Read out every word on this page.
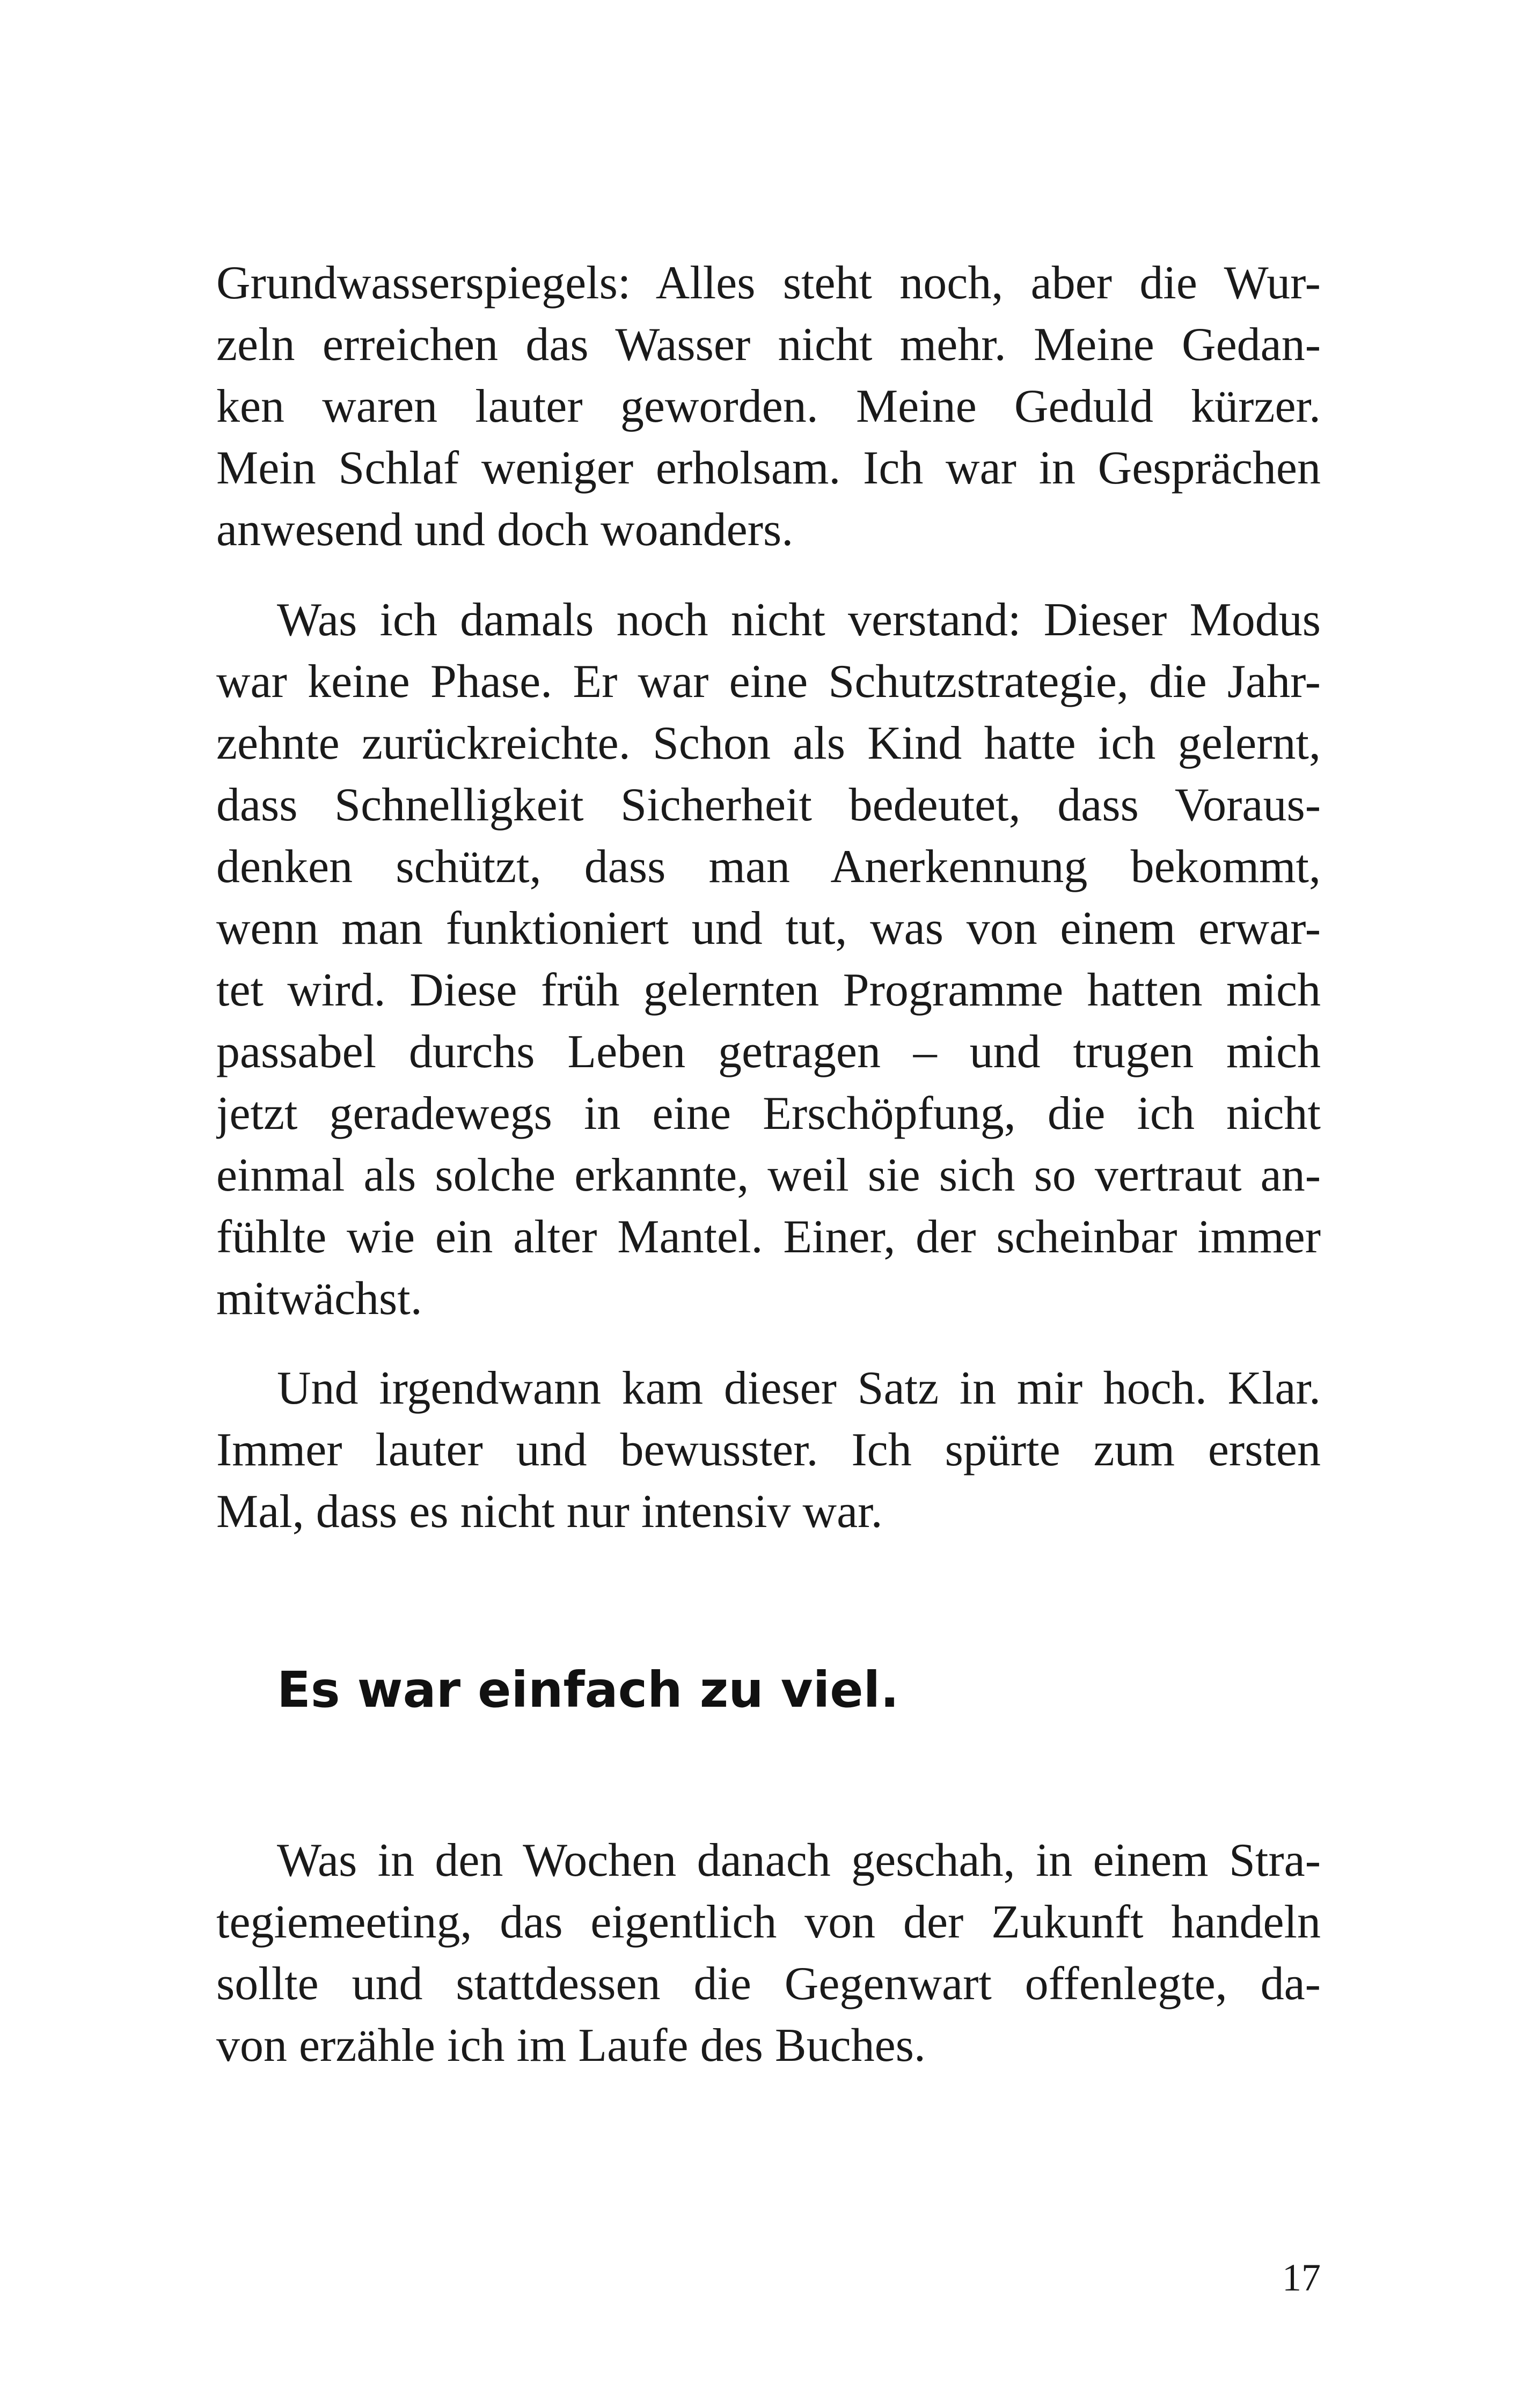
Grundwasserspiegels: Alles steht noch, aber die Wur-
zeln erreichen das Wasser nicht mehr. Meine Gedan-
ken waren lauter geworden. Meine Geduld kürzer.
Mein Schlaf weniger erholsam. Ich war in Gesprächen
anwesend und doch woanders.
Was ich damals noch nicht verstand: Dieser Modus
war keine Phase. Er war eine Schutzstrategie, die Jahr-
zehnte zurückreichte. Schon als Kind hatte ich gelernt,
dass Schnelligkeit Sicherheit bedeutet, dass Voraus-
denken schützt, dass man Anerkennung bekommt,
wenn man funktioniert und tut, was von einem erwar-
tet wird. Diese früh gelernten Programme hatten mich
passabel durchs Leben getragen – und trugen mich
jetzt geradewegs in eine Erschöpfung, die ich nicht
einmal als solche erkannte, weil sie sich so vertraut an-
fühlte wie ein alter Mantel. Einer, der scheinbar immer
mitwächst.
Und irgendwann kam dieser Satz in mir hoch. Klar.
Immer lauter und bewusster. Ich spürte zum ersten
Mal, dass es nicht nur intensiv war.
Es war einfach zu viel.
Was in den Wochen danach geschah, in einem Stra-
tegiemeeting, das eigentlich von der Zukunft handeln
sollte und stattdessen die Gegenwart offenlegte, da-
von erzähle ich im Laufe des Buches.
17
